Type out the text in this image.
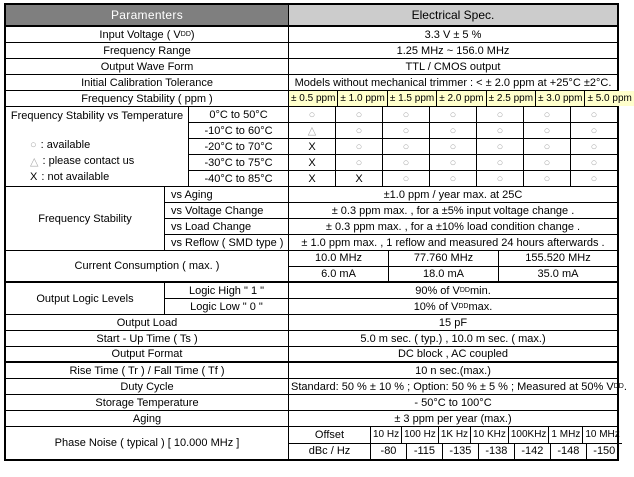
Paramenters	Electrical Spec.
Input Voltage ( V DD )	3.3 V ± 5 %
Frequency Range	1.25 MHz ~ 156.0 MHz
Output Wave Form	TTL / CMOS output
Initial Calibration Tolerance	Models without mechanical trimmer : < ± 2.0 ppm at +25°C ±2°C.
Frequency Stability ( ppm )	± 0.5 ppm ± 1.0 ppm ± 1.5 ppm ± 2.0 ppm ± 2.5 ppm ± 3.0 ppm ± 5.0 ppm
Frequency Stability vs Temperature
○ : available
△ : please contact us
X : not available
0°C to 50°C	○	○	○	○	○	○	○
-10°C to 60°C	△	○	○	○	○	○	○
-20°C to 70°C	X	○	○	○	○	○	○
-30°C to 75°C	X	○	○	○	○	○	○
-40°C to 85°C	X	X	○	○	○	○	○
Frequency Stability
vs Aging	±1.0 ppm / year max. at 25C
vs Voltage Change	± 0.3 ppm max. , for a ±5% input voltage change .
vs Load Change	± 0.3 ppm max. , for a ±10% load condition change .
vs Reflow ( SMD type )	± 1.0 ppm max. , 1 reflow and measured 24 hours afterwards .
Current Consumption ( max. )
10.0 MHz	77.760 MHz	155.520 MHz
6.0 mA	18.0 mA	35.0 mA
Output Logic Levels
Logic High " 1 "	90% of V DD min.
Logic Low " 0 "	10% of V DD max.
Output Load	15 pF
Start - Up Time ( Ts )	5.0 m sec. ( typ.) , 10.0 m sec. ( max.)
Output Format	DC block , AC coupled
Rise Time ( Tr ) / Fall Time ( Tf )	10 n sec.(max.)
Duty Cycle	Standard: 50 % ± 10 % ; Option: 50 % ± 5 % ; Measured at 50% V DD .
Storage Temperature	- 50°C to 100°C
Aging	± 3 ppm per year (max.)
Phase Noise ( typical ) [ 10.000 MHz ]
Offset	10 Hz 100 Hz 1K Hz 10 KHz 100KHz 1 MHz 10 MHz
dBc / Hz	-80	-115	-135	-138	-142	-148	-150
